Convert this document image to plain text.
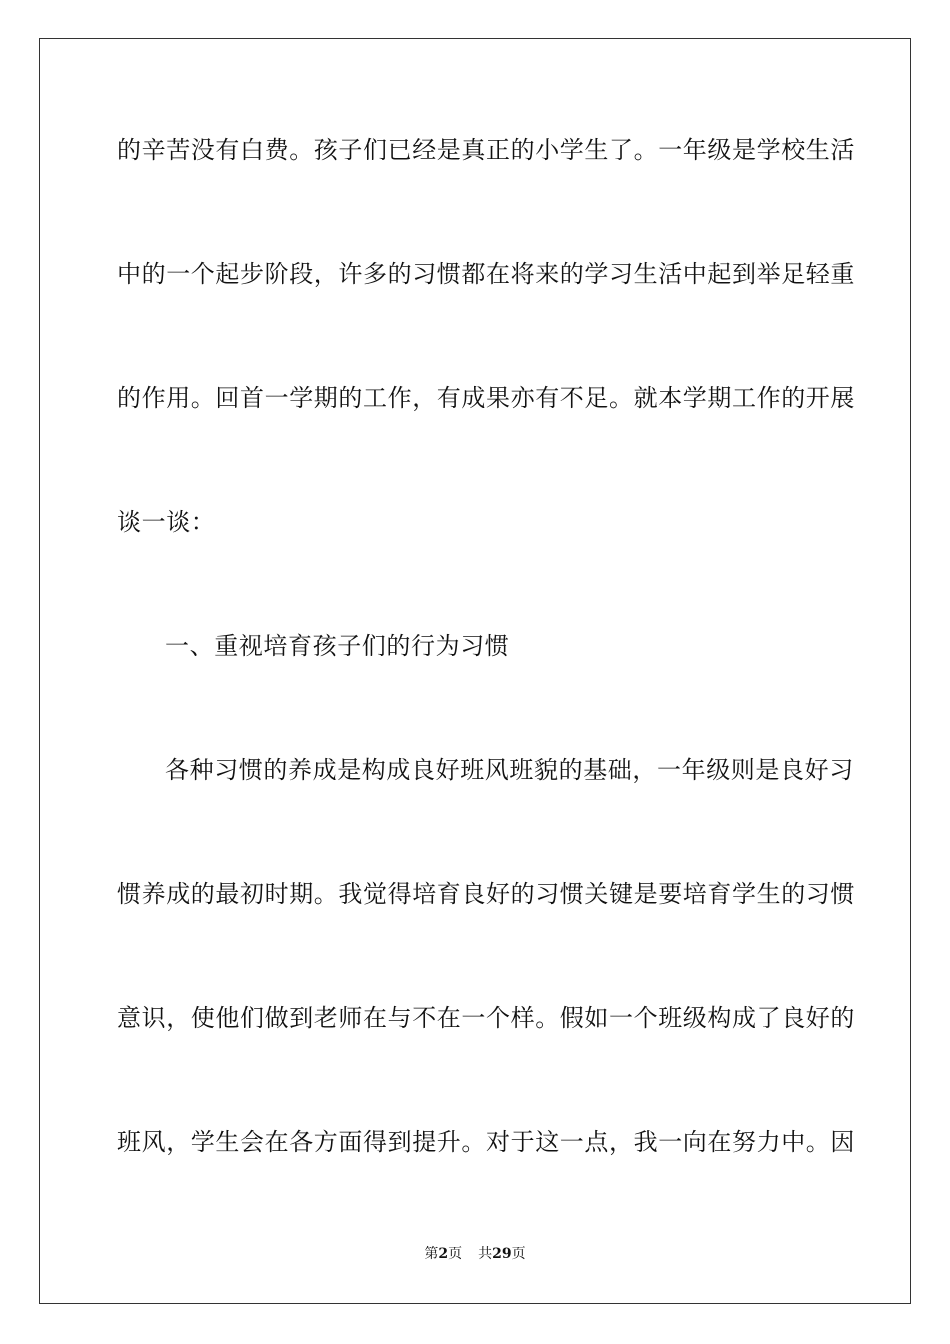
的辛苦没有白费。孩子们已经是真正的小学生了。一年级是学校生活
中的一个起步阶段，许多的习惯都在将来的学习生活中起到举足轻重
的作用。回首一学期的工作，有成果亦有不足。就本学期工作的开展
谈一谈：
一、重视培育孩子们的行为习惯
各种习惯的养成是构成良好班风班貌的基础，一年级则是良好习
惯养成的最初时期。我觉得培育良好的习惯关键是要培育学生的习惯
意识，使他们做到老师在与不在一个样。假如一个班级构成了良好的
班风，学生会在各方面得到提升。对于这一点，我一向在努力中。因
第2页 共29页
